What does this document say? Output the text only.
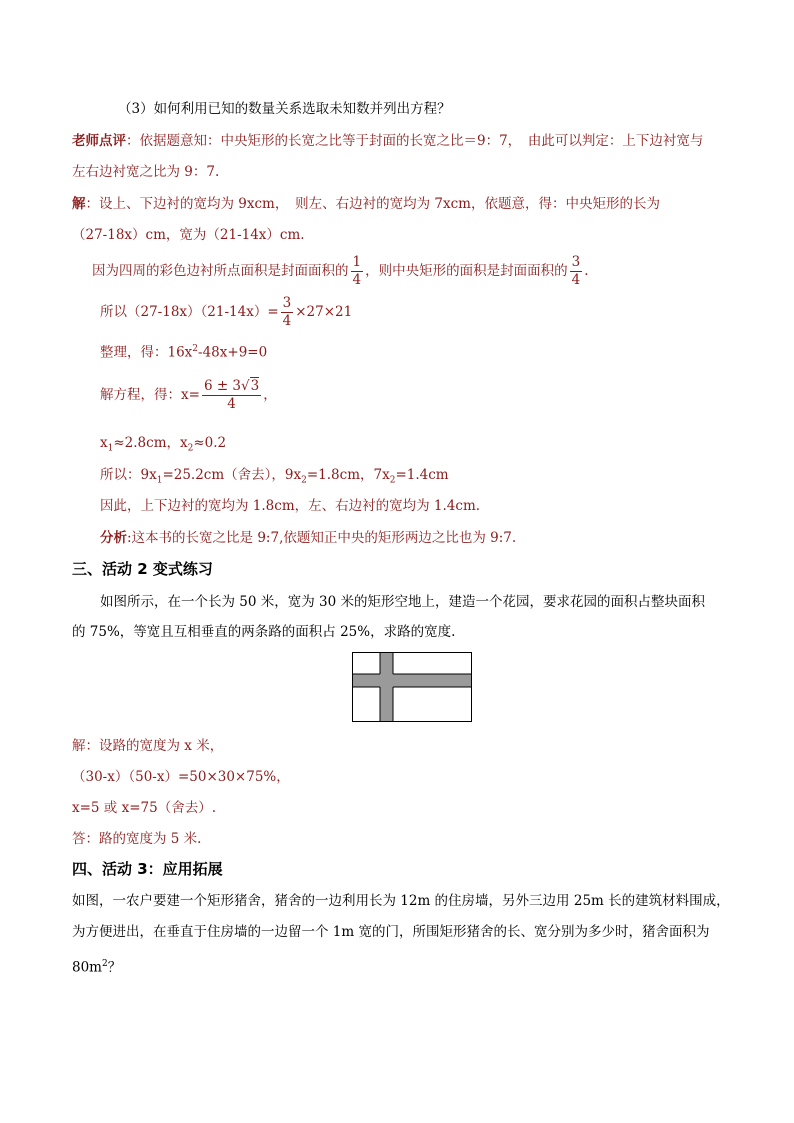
（3）如何利用已知的数量关系选取未知数并列出方程？
老师点评：依据题意知：中央矩形的长宽之比等于封面的长宽之比＝9：7，　由此可以判定：上下边衬宽与
左右边衬宽之比为 9：7.
解：设上、下边衬的宽均为 9xcm，　则左、右边衬的宽均为 7xcm，依题意，得：中央矩形的长为
（27-18x）cm，宽为（21-14x）cm.
因为四周的彩色边衬所点面积是封面面积的 $\frac{1}{4}$ ，则中央矩形的面积是封面面积的 $\frac{3}{4}$ .
所以$(27-18x)(21-14x)= \frac{3}{4} \times 27\times 21$
整理，得：$16x^2-48x+9=0$
解方程，得：$x= \frac{6 \pm 3√3}{4}$ ，
$x_1\approx 2.8cm$，$x_2\approx 0.2$
所以：$9x_1=25.2cm$（舍去），$9x_2=1.8cm$，$7x_2=1.4cm$
因此，上下边衬的宽均为 1.8cm，左、右边衬的宽均为 1.4cm.
分析:这本书的长宽之比是 9:7,依题知正中央的矩形两边之比也为 9:7.
三、活动 2 变式练习
如图所示，在一个长为 50 米，宽为 30 米的矩形空地上，建造一个花园，要求花园的面积占整块面积
的 75%，等宽且互相垂直的两条路的面积占 25%，求路的宽度.
解：设路的宽度为 x 米，
（30-x）（50-x）=50×30×75%，
x=5 或 x=75（舍去）.
答：路的宽度为 5 米.
四、活动 3：应用拓展
如图，一农户要建一个矩形猪舍，猪舍的一边利用长为 12m 的住房墙，另外三边用 25m 长的建筑材料围成，
为方便进出，在垂直于住房墙的一边留一个 1m 宽的门，所围矩形猪舍的长、宽分别为多少时，猪舍面积为
$80m^2$？
